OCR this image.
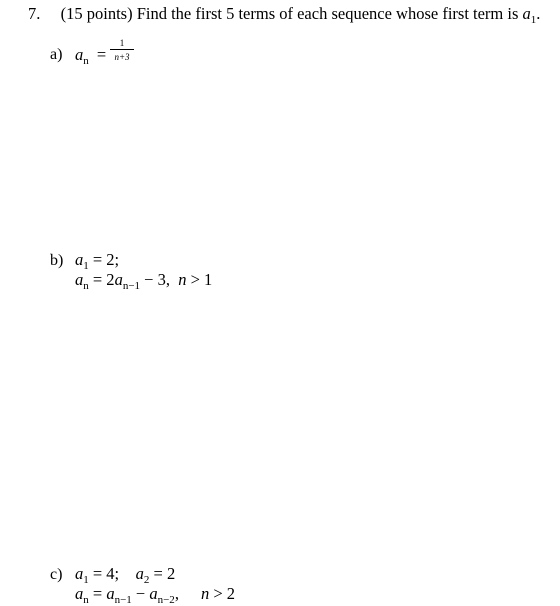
7. (15 points) Find the first 5 terms of each sequence whose first term is $a_1$.
a) $a_n$ =
1
n+3
b) $a_1 = 2$;
$a_n = 2a_{n-1} - 3$,  n > 1
c) $a_1 = 4$;    $a_2 = 2$
$a_n = a_{n-1} - a_{n-2}$, n > 2
